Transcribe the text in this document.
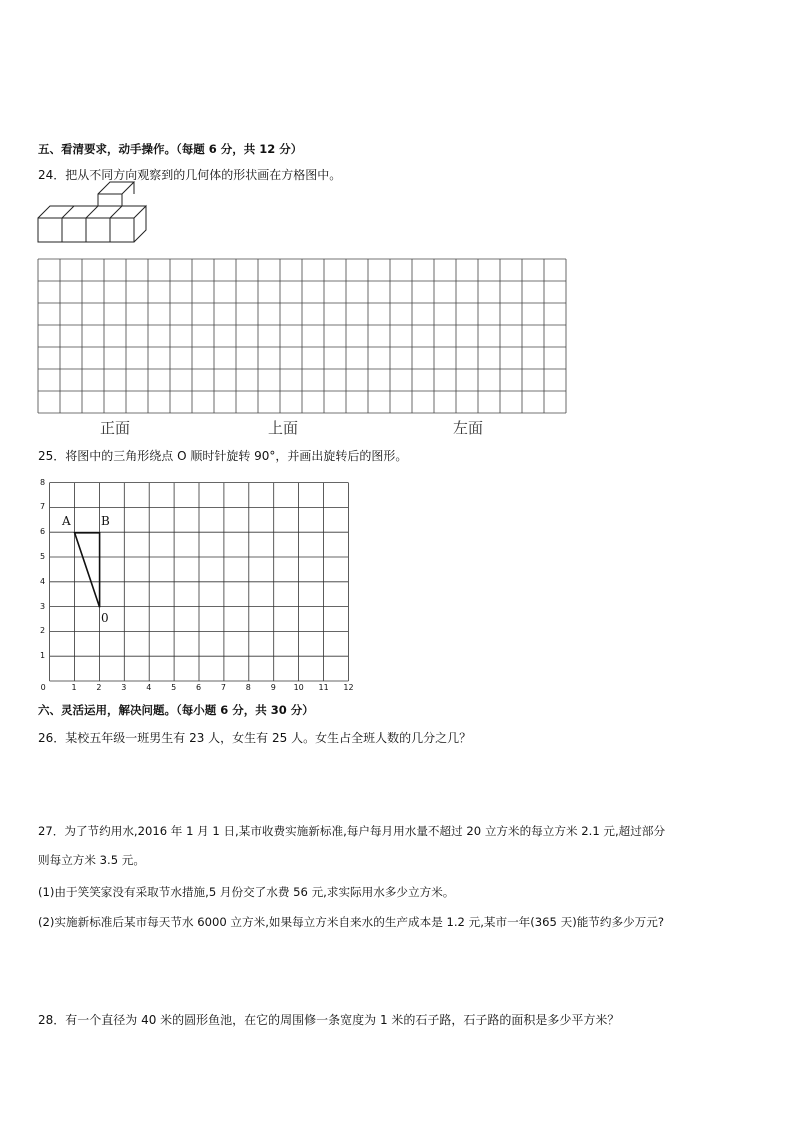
五、看清要求，动手操作。（每题 6 分，共 12 分）
24．把从不同方向观察到的几何体的形状画在方格图中。
正面	上面	左面
25．将图中的三角形绕点 O 顺时针旋转 90°，并画出旋转后的图形。
0	1 2 3 4 5 6 7 8 9 10 11 12
1
2
3
4
5
6
7
8
A	B
0
六、灵活运用，解决问题。（每小题 6 分，共 30 分）
26．某校五年级一班男生有 23 人，女生有 25 人。女生占全班人数的几分之几？
27．为了节约用水,2016 年 1 月 1 日,某市收费实施新标准,每户每月用水量不超过 20 立方米的每立方米 2.1 元,超过部分
则每立方米 3.5 元。
(1)由于笑笑家没有采取节水措施,5 月份交了水费 56 元,求实际用水多少立方米。
(2)实施新标准后某市每天节水 6000 立方米,如果每立方米自来水的生产成本是 1.2 元,某市一年(365 天)能节约多少万元?
28．有一个直径为 40 米的圆形鱼池，在它的周围修一条宽度为 1 米的石子路，石子路的面积是多少平方米？
